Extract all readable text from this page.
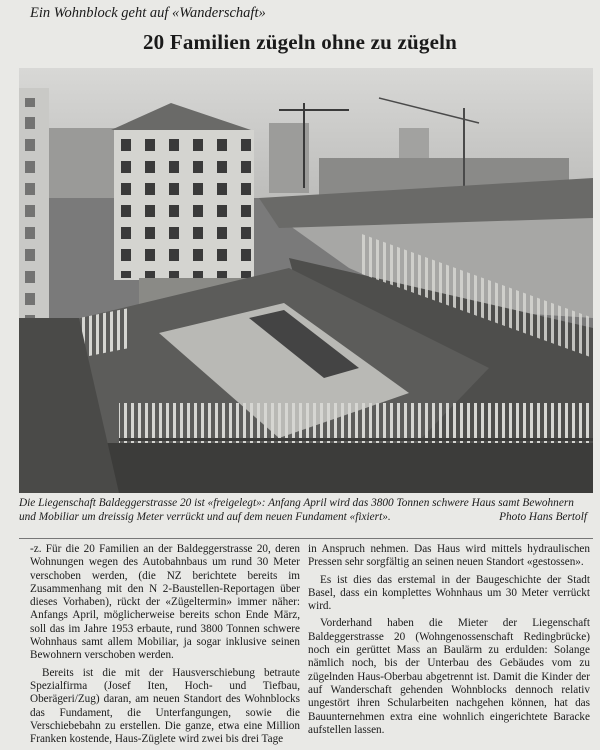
Ein Wohnblock geht auf «Wanderschaft»
20 Familien zügeln ohne zu zügeln
Die Liegenschaft Baldeggerstrasse 20 ist «freigelegt»: Anfang April wird das 3800 Tonnen schwere Haus samt Bewohnern und Mobiliar um dreissig Meter verrückt und auf dem neuen Fundament «fixiert».	Photo Hans Bertolf

-z. Für die 20 Familien an der Baldeggerstrasse 20, deren Wohnungen wegen des Autobahnbaus um rund 30 Meter verschoben werden, (die NZ berichtete bereits im Zusammenhang mit den N 2-Baustellen-Reportagen über dieses Vorhaben), rückt der «Zügeltermin» immer näher: Anfangs April, möglicherweise bereits schon Ende März, soll das im Jahre 1953 erbaute, rund 3800 Tonnen schwere Wohnhaus samt allem Mobiliar, ja sogar inklusive seinen Bewohnern verschoben werden.

Bereits ist die mit der Hausverschiebung betraute Spezialfirma (Josef Iten, Hoch- und Tiefbau, Oberägeri/Zug) daran, am neuen Standort des Wohnblocks das Fundament, die Unterfangungen, sowie die Verschiebebahn zu erstellen. Die ganze, etwa eine Million Franken kostende, Haus-Züglete wird zwei bis drei Tage

in Anspruch nehmen. Das Haus wird mittels hydraulischen Pressen sehr sorgfältig an seinen neuen Standort «gestossen».

Es ist dies das erstemal in der Baugeschichte der Stadt Basel, dass ein komplettes Wohnhaus um 30 Meter verrückt wird.

Vorderhand haben die Mieter der Liegenschaft Baldeggerstrasse 20 (Wohngenossenschaft Redingbrücke) noch ein gerüttet Mass an Baulärm zu erdulden: Solange nämlich noch, bis der Unterbau des Gebäudes vom zu zügelnden Haus-Oberbau abgetrennt ist. Damit die Kinder der auf Wanderschaft gehenden Wohnblocks dennoch relativ ungestört ihren Schularbeiten nachgehen können, hat das Bauunternehmen extra eine wohnlich eingerichtete Baracke aufstellen lassen.
